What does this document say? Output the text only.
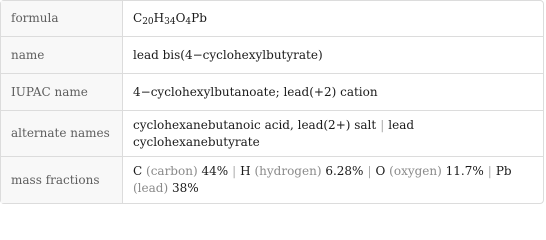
formula	$C_{20}H_{34}O_4Pb$
name	lead bis(4−cyclohexylbutyrate)
IUPAC name	4−cyclohexylbutanoate; lead(+2) cation
alternate names	cyclohexanebutanoic acid, lead(2+) salt | lead cyclohexanebutyrate
mass fractions	C (carbon) 44% | H (hydrogen) 6.28% | O (oxygen) 11.7% | Pb (lead) 38%
